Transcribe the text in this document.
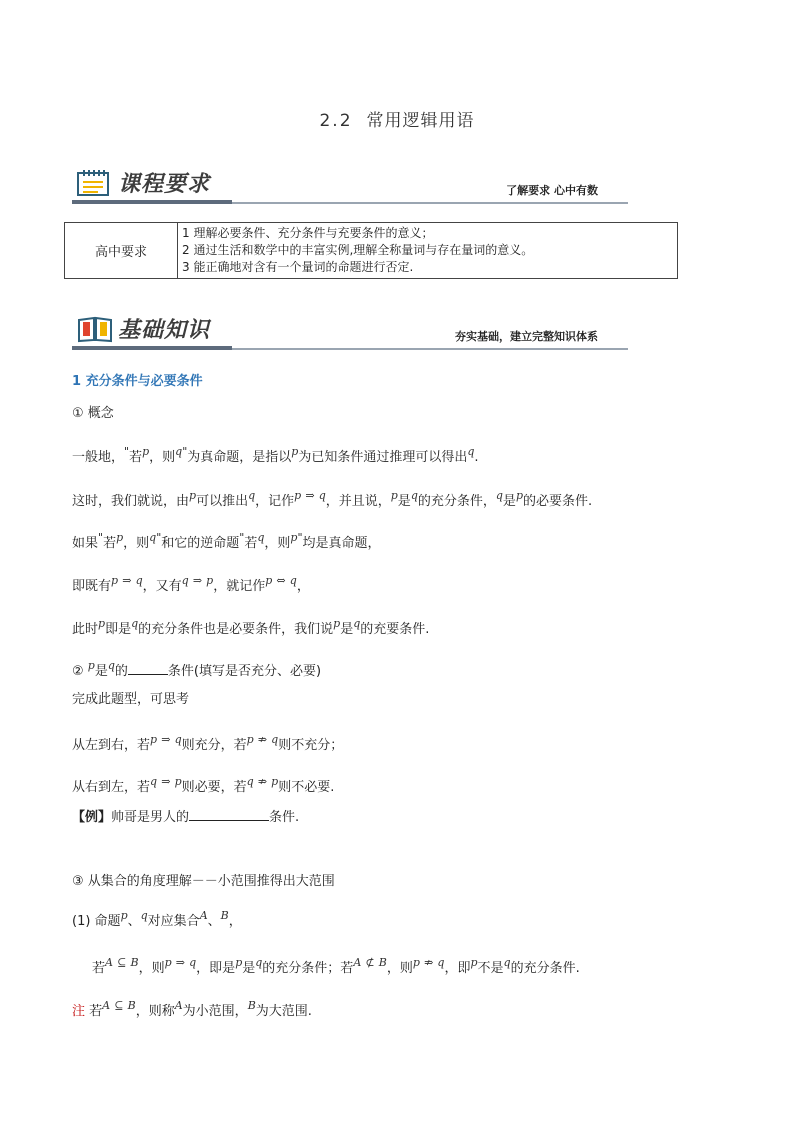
2.2 常用逻辑用语
课程要求	了解要求 心中有数
高中要求	
1 理解必要条件、充分条件与充要条件的意义；
2 通过生活和数学中的丰富实例,理解全称量词与存在量词的意义。
3 能正确地对含有一个量词的命题进行否定.
基础知识	夯实基础，建立完整知识体系
1 充分条件与必要条件
① 概念
一般地，"若$^p$，则$^{q"}$为真命题，是指以$^p$为已知条件通过推理可以得出$^q$.
这时，我们就说，由$^p$可以推出$^q$，记作$^p$ ⇒ $^q$，并且说，$^p$是$^q$的充分条件，$^q$是$^p$的必要条件.
如果"若$^p$，则$^{q"}$和它的逆命题"若$^q$，则$^{p"}$均是真命题，
即既有$^p$ ⇒ $^q$，又有$^q$ ⇒ $^p$，就记作$^p$ ⇔ $^q$，
此时$^p$即是$^q$的充分条件也是必要条件，我们说$^p$是$^q$的充要条件.
② $^p$是$^q$的	条件(填写是否充分、必要)
完成此题型，可思考
从左到右，若$^p$ ⇒ $^q$则充分，若$^p$ ⇏ $^q$则不充分；
从右到左，若$^q$ ⇒ $^p$则必要，若$^q$ ⇏ $^p$则不必要.
【例】帅哥是男人的	条件.
③ 从集合的角度理解－－小范围推得出大范围
(1) 命题$^p$、$^q$对应集合$^A$、$^B$，
若$^A$ ⊆ $^B$，则$^p$ ⇒ $^q$，即是$^p$是$^q$的充分条件；若$^A$ ⊄ $^B$，则$^p$ ⇏ $^q$，即$^p$不是$^q$的充分条件.
注 若$^A$ ⊆ $^B$，则称$^A$为小范围，$^B$为大范围.
